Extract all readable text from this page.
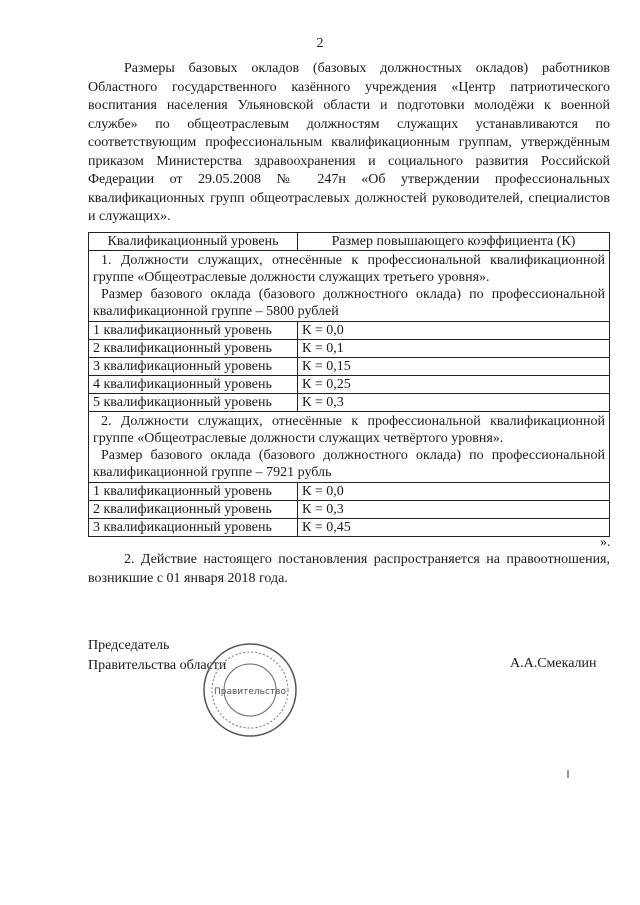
2

Размеры базовых окладов (базовых должностных окладов) работников Областного государственного казённого учреждения «Центр патриотического воспитания населения Ульяновской области и подготовки молодёжи к военной службе» по общеотраслевым должностям служащих устанавливаются по соответствующим профессиональным квалификационным группам, утверждённым приказом Министерства здравоохранения и социального развития Российской Федерации от 29.05.2008 № 247н «Об утверждении профессиональных квалификационных групп общеотраслевых должностей руководителей, специалистов и служащих».

Квалификационный уровень	Размер повышающего коэффициента (К)

1. Должности служащих, отнесённые к профессиональной квалификационной группе «Общеотраслевые должности служащих третьего уровня».
Размер базового оклада (базового должностного оклада) по профессиональной квалификационной группе – 5800 рублей	

1 квалификационный уровень	К = 0,0
2 квалификационный уровень	К = 0,1
3 квалификационный уровень	К = 0,15
4 квалификационный уровень	К = 0,25
5 квалификационный уровень	К = 0,3

2. Должности служащих, отнесённые к профессиональной квалификационной группе «Общеотраслевые должности служащих четвёртого уровня».
Размер базового оклада (базового должностного оклада) по профессиональной квалификационной группе – 7921 рубль	

1 квалификационный уровень	К = 0,0
2 квалификационный уровень	К = 0,3
3 квалификационный уровень	К = 0,45
».

2. Действие настоящего постановления распространяется на правоотношения, возникшие с 01 января 2018 года.

Председатель
Правительства области
Правительство
А.А.Смекалин
